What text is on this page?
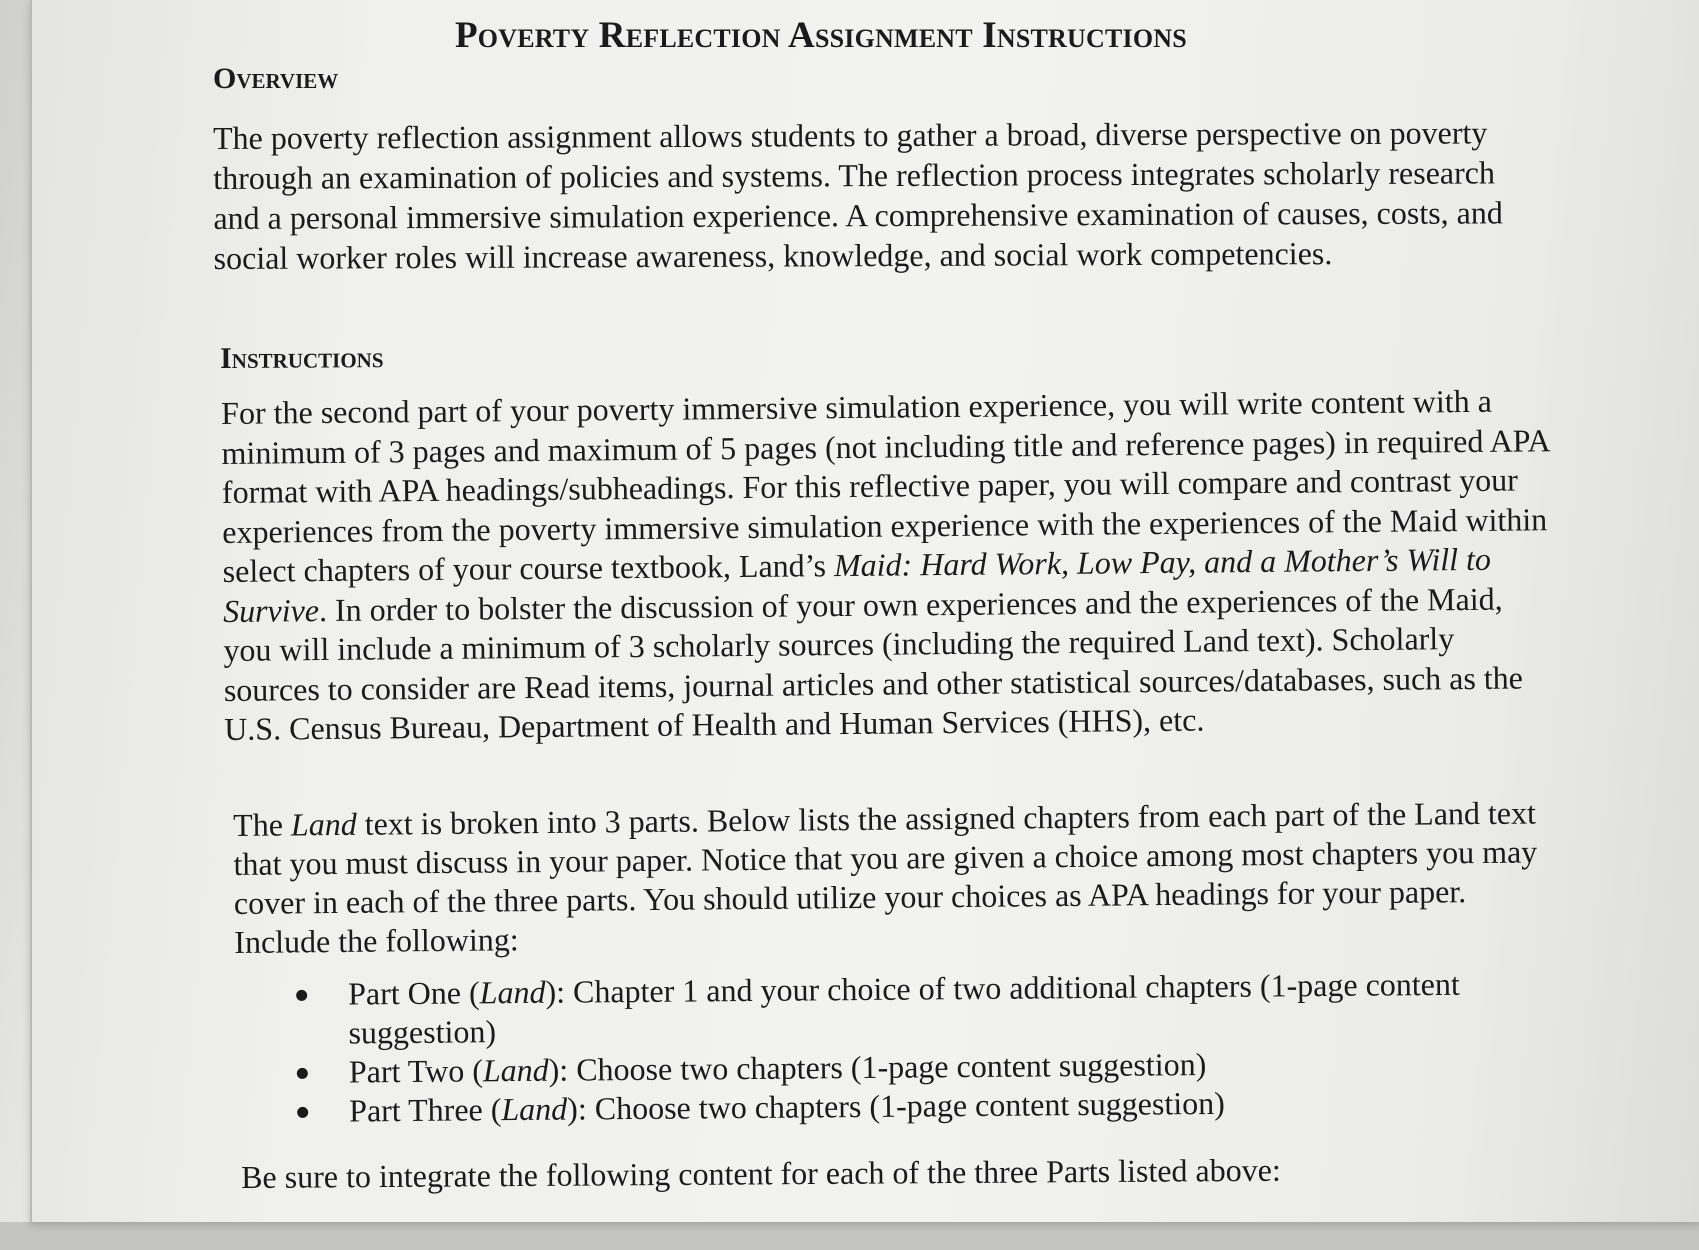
Poverty Reflection Assignment Instructions
Overview

The poverty reflection assignment allows students to gather a broad, diverse perspective on poverty through an examination of policies and systems. The reflection process integrates scholarly research and a personal immersive simulation experience. A comprehensive examination of causes, costs, and social worker roles will increase awareness, knowledge, and social work competencies.

Instructions

For the second part of your poverty immersive simulation experience, you will write content with a minimum of 3 pages and maximum of 5 pages (not including title and reference pages) in required APA format with APA headings/subheadings. For this reflective paper, you will compare and contrast your experiences from the poverty immersive simulation experience with the experiences of the Maid within select chapters of your course textbook, Land’s Maid: Hard Work, Low Pay, and a Mother’s Will to Survive. In order to bolster the discussion of your own experiences and the experiences of the Maid, you will include a minimum of 3 scholarly sources (including the required Land text). Scholarly sources to consider are Read items, journal articles and other statistical sources/databases, such as the U.S. Census Bureau, Department of Health and Human Services (HHS), etc.

The Land text is broken into 3 parts. Below lists the assigned chapters from each part of the Land text that you must discuss in your paper. Notice that you are given a choice among most chapters you may cover in each of the three parts. You should utilize your choices as APA headings for your paper. Include the following:

Part One (Land): Chapter 1 and your choice of two additional chapters (1-page content suggestion)
Part Two (Land): Choose two chapters (1-page content suggestion)
Part Three (Land): Choose two chapters (1-page content suggestion)

Be sure to integrate the following content for each of the three Parts listed above:
